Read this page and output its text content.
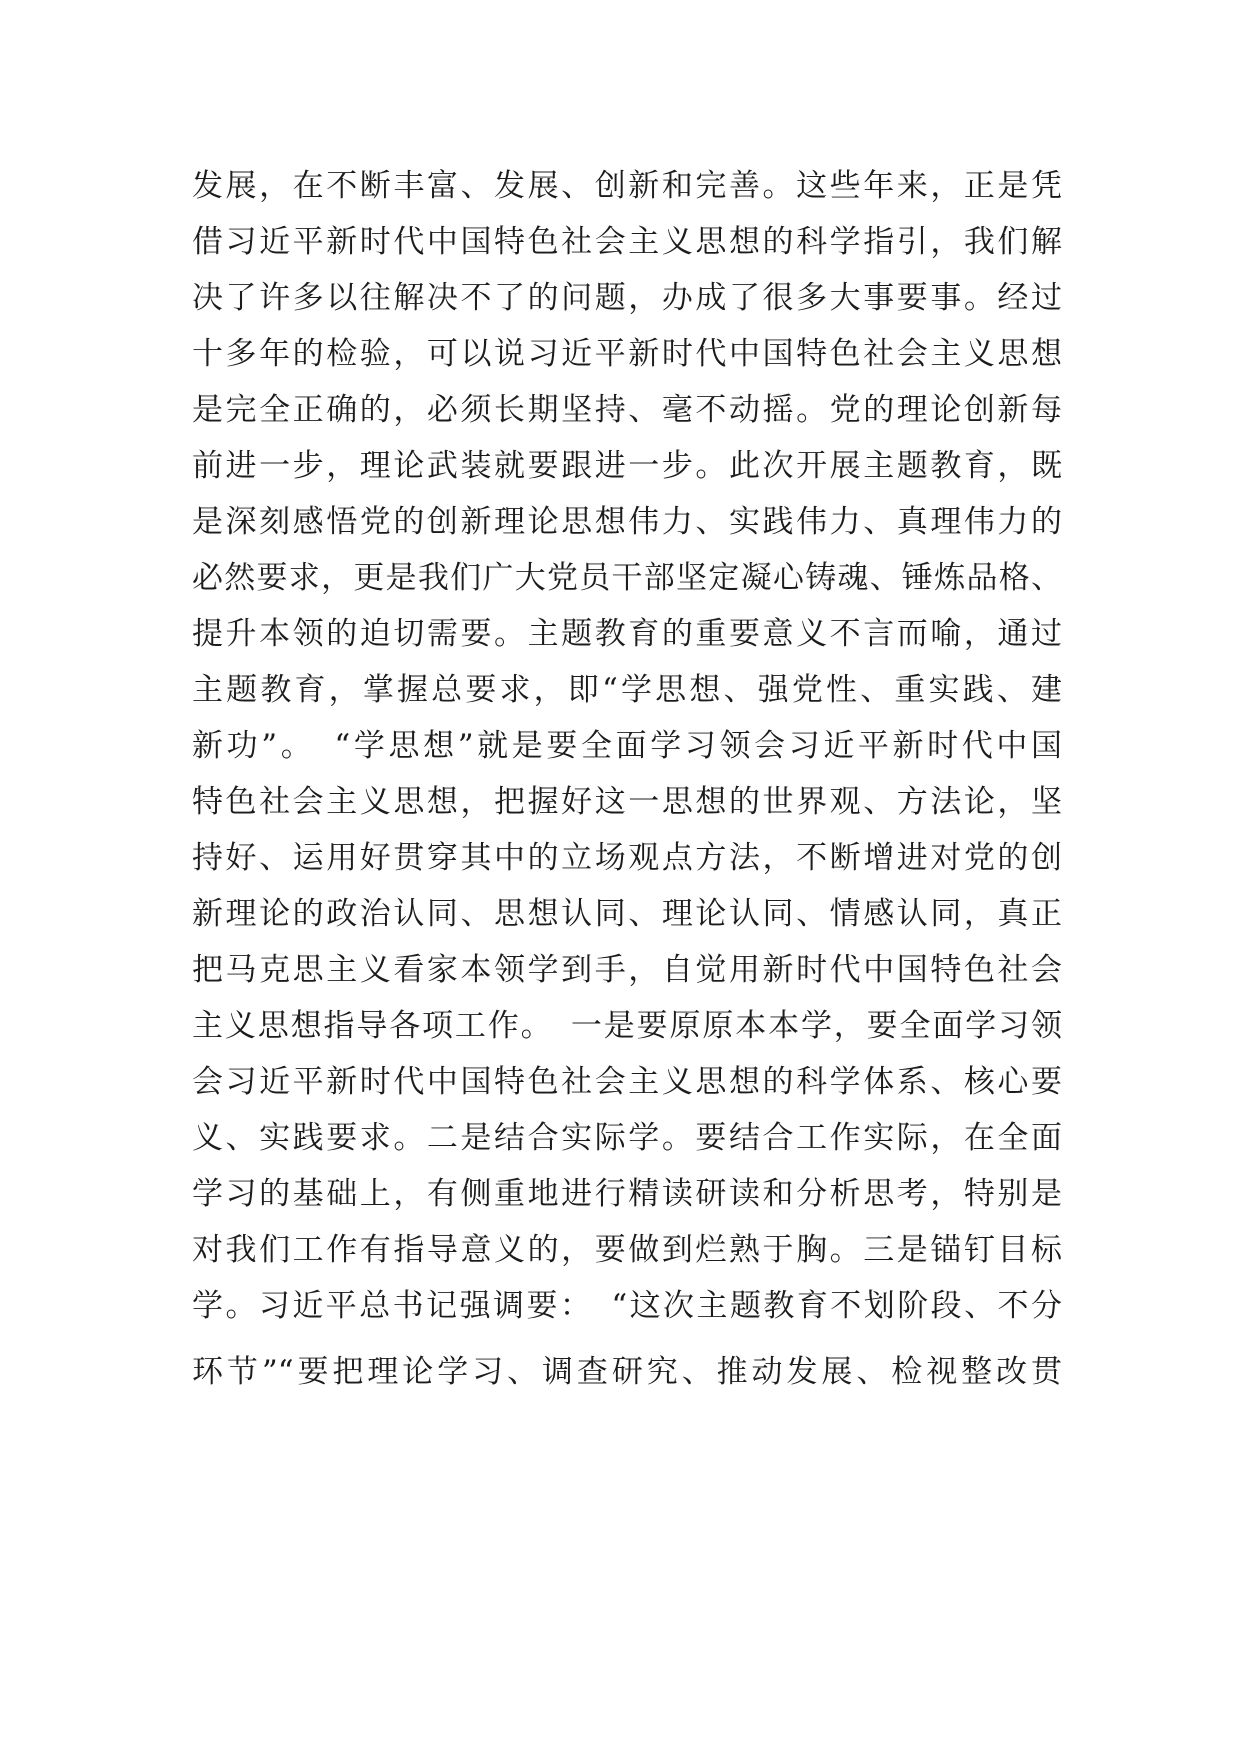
发展，在不断丰富、发展、创新和完善。这些年来，正是凭
借习近平新时代中国特色社会主义思想的科学指引，我们解
决了许多以往解决不了的问题，办成了很多大事要事。经过
十多年的检验，可以说习近平新时代中国特色社会主义思想
是完全正确的，必须长期坚持、毫不动摇。党的理论创新每
前进一步，理论武装就要跟进一步。此次开展主题教育，既
是深刻感悟党的创新理论思想伟力、实践伟力、真理伟力的
必然要求，更是我们广大党员干部坚定凝心铸魂、锤炼品格、
提升本领的迫切需要。主题教育的重要意义不言而喻，通过
主题教育，掌握总要求，即“学思想、强党性、重实践、建
新功”。　“学思想”就是要全面学习领会习近平新时代中国
特色社会主义思想，把握好这一思想的世界观、方法论，坚
持好、运用好贯穿其中的立场观点方法，不断增进对党的创
新理论的政治认同、思想认同、理论认同、情感认同，真正
把马克思主义看家本领学到手，自觉用新时代中国特色社会
主义思想指导各项工作。　一是要原原本本学，要全面学习领
会习近平新时代中国特色社会主义思想的科学体系、核心要
义、实践要求。二是结合实际学。要结合工作实际，在全面
学习的基础上，有侧重地进行精读研读和分析思考，特别是
对我们工作有指导意义的，要做到烂熟于胸。三是锚钉目标
学。习近平总书记强调要：　“这次主题教育不划阶段、不分
环节”“要把理论学习、调查研究、推动发展、检视整改贯
